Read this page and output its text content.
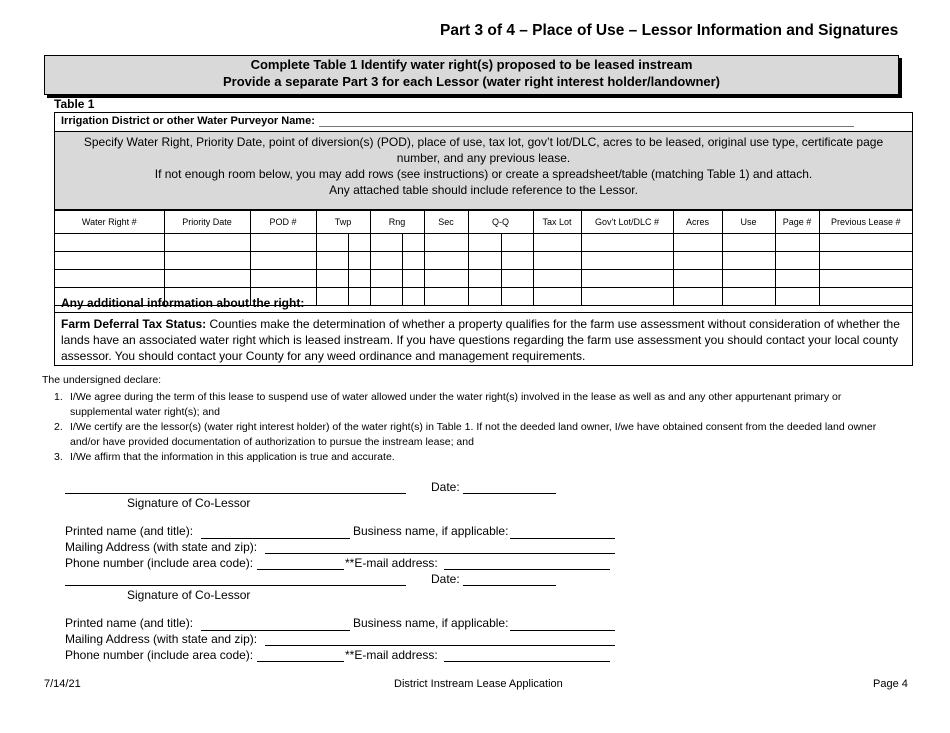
Part 3 of 4 – Place of Use – Lessor Information and Signatures
Complete Table 1 Identify water right(s) proposed to be leased instream
Provide a separate Part 3 for each Lessor (water right interest holder/landowner)
Table 1
Irrigation District or other Water Purveyor Name:
Specify Water Right, Priority Date, point of diversion(s) (POD), place of use, tax lot, gov’t lot/DLC, acres to be leased, original use type, certificate page
number, and any previous lease.
If not enough room below, you may add rows (see instructions) or create a spreadsheet/table (matching Table 1) and attach.
Any attached table should include reference to the Lessor.
Water Right #	Priority Date	POD #	Twp		Rng		Sec	Q-Q		Tax Lot	Gov’t Lot/DLC #	Acres	Use	Page #	Previous Lease #

Any additional information about the right:
Farm Deferral Tax Status: Counties make the determination of whether a property qualifies for the farm use assessment without consideration of whether the lands have an associated water right which is leased instream. If you have questions regarding the farm use assessment you should contact your local county assessor. You should contact your County for any weed ordinance and management requirements.
The undersigned declare:
1. I/We agree during the term of this lease to suspend use of water allowed under the water right(s) involved in the lease as well as and any other appurtenant primary or supplemental water right(s); and
2. I/We certify are the lessor(s) (water right interest holder) of the water right(s) in Table 1. If not the deeded land owner, I/we have obtained consent from the deeded land owner and/or have provided documentation of authorization to pursue the instream lease; and
3. I/We affirm that the information in this application is true and accurate.
Date:
Signature of Co-Lessor
Printed name (and title):	Business name, if applicable:
Mailing Address (with state and zip):
Phone number (include area code):	**E-mail address:
Date:
Signature of Co-Lessor
Printed name (and title):	Business name, if applicable:
Mailing Address (with state and zip):
Phone number (include area code):	**E-mail address:
7/14/21	District Instream Lease Application	Page 4
